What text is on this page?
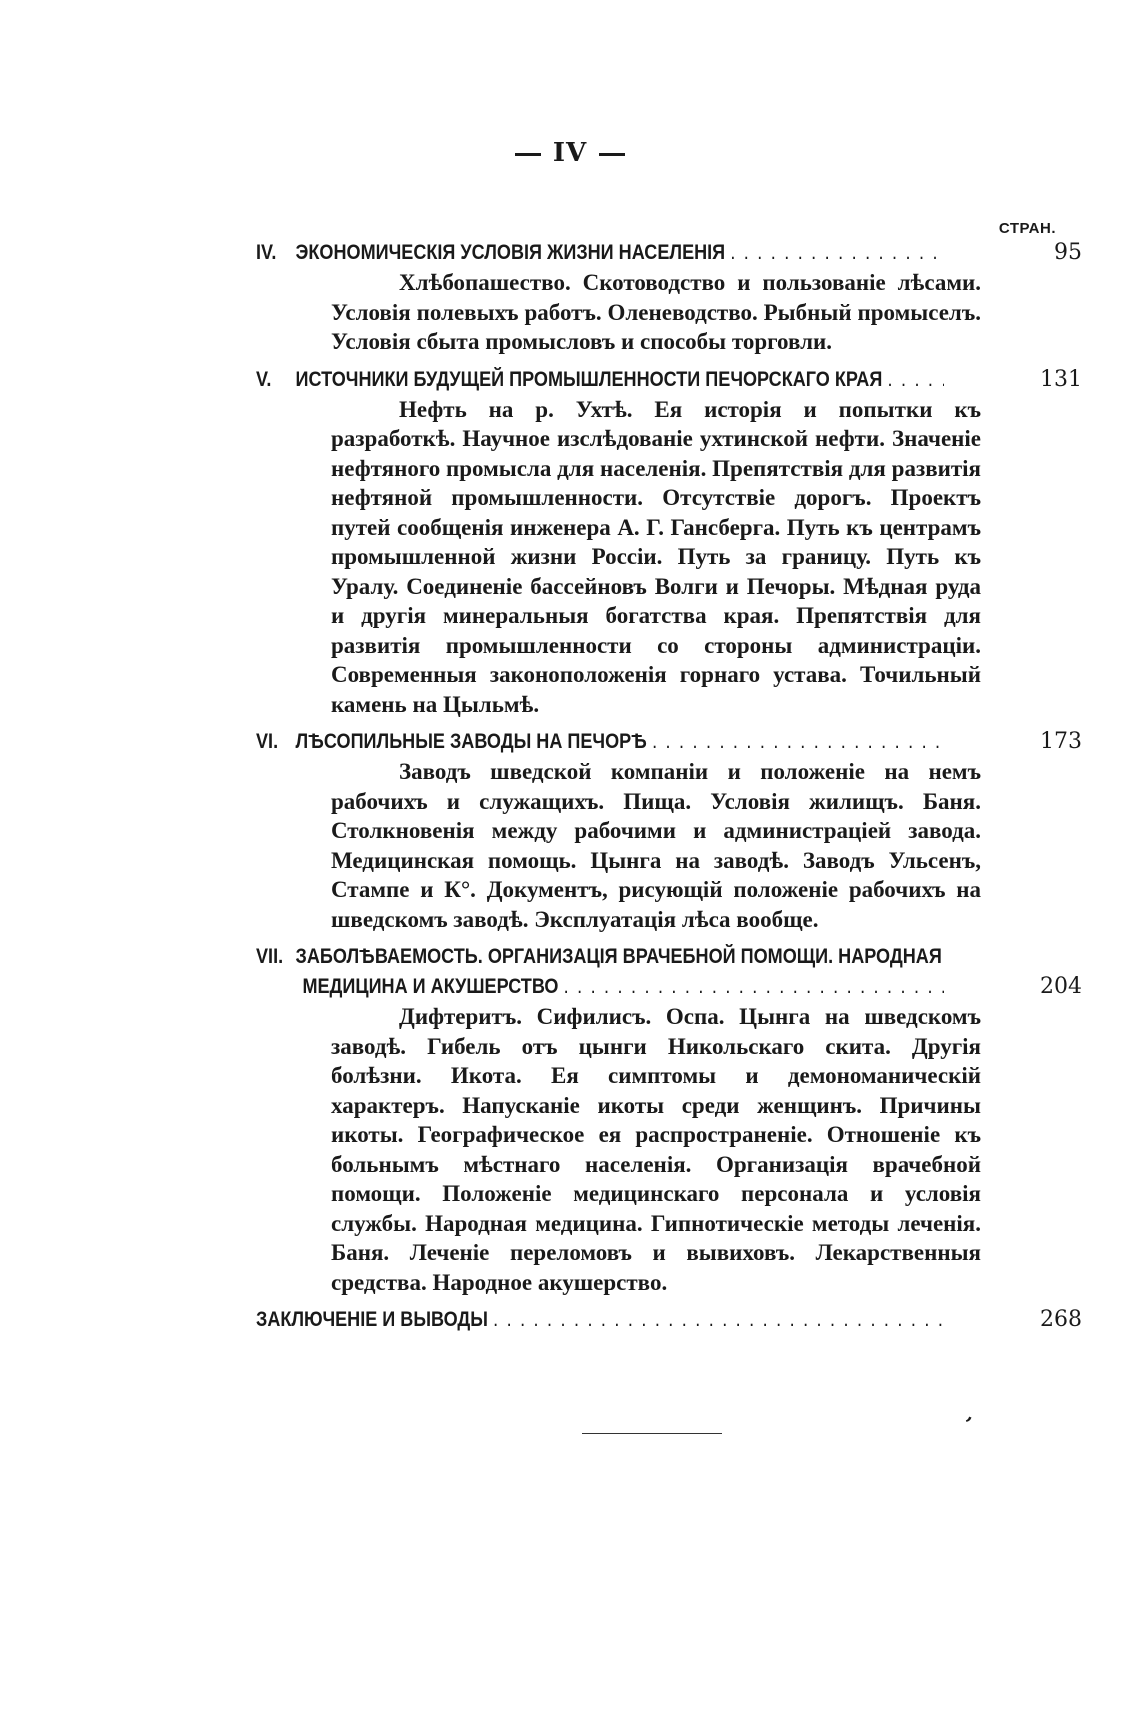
IV
СТРАН.
IV. ЭКОНОМИЧЕСКІЯ УСЛОВІЯ ЖИЗНИ НАСЕЛЕНІЯ . . .	95

Хлѣбопашество. Скотоводство и пользованіе лѣсами. Условія полевыхъ работъ. Оленеводство. Рыбный промыселъ. Условія сбыта промысловъ и способы торговли.

V.	ИСТОЧНИКИ БУДУЩЕЙ ПРОМЫШЛЕННОСТИ ПЕЧОРСКАГО КРАЯ . . .	131

Нефть на р. Ухтѣ. Ея исторія и попытки къ разработкѣ. Научное изслѣдованіе ухтинской нефти. Значеніе нефтяного промысла для населенія. Препятствія для развитія нефтяной промышленности. Отсутствіе дорогъ. Проектъ путей сообщенія инженера А. Г. Гансберга. Путь къ центрамъ промышленной жизни Россіи. Путь за границу. Путь къ Уралу. Соединеніе бассейновъ Волги и Печоры. Мѣдная руда и другія минеральныя богатства края. Препятствія для развитія промышленности со стороны администраціи. Современныя законоположенія горнаго устава. Точильный камень на Цыльмѣ.

VI. ЛѢСОПИЛЬНЫЕ ЗАВОДЫ НА ПЕЧОРѢ . . .	173

Заводъ шведской компаніи и положеніе на немъ рабочихъ и служащихъ. Пища. Условія жилищъ. Баня. Столкновенія между рабочими и администраціей завода. Медицинская помощь. Цынга на заводѣ. Заводъ Ульсенъ, Стампе и К°. Документъ, рисующій положеніе рабочихъ на шведскомъ заводѣ. Эксплуатація лѣса вообще.

VII. ЗАБОЛѢВАЕМОСТЬ. ОРГАНИЗАЦІЯ ВРАЧЕБНОЙ ПОМОЩИ. НАРОДНАЯ
МЕДИЦИНА И АКУШЕРСТВО . . .	204

Дифтеритъ. Сифилисъ. Оспа. Цынга на шведскомъ заводѣ. Гибель отъ цынги Никольскаго скита. Другія болѣзни. Икота. Ея симптомы и демономаническій характеръ. Напусканіе икоты среди женщинъ. Причины икоты. Географическое ея распространеніе. Отношеніе къ больнымъ мѣстнаго населенія. Организація врачебной помощи. Положеніе медицинскаго персонала и условія службы. Народная медицина. Гипнотическіе методы леченія. Баня. Леченіе переломовъ и вывиховъ. Лекарственныя средства. Народное акушерство.

ЗАКЛЮЧЕНІЕ И ВЫВОДЫ . . .	268
,
